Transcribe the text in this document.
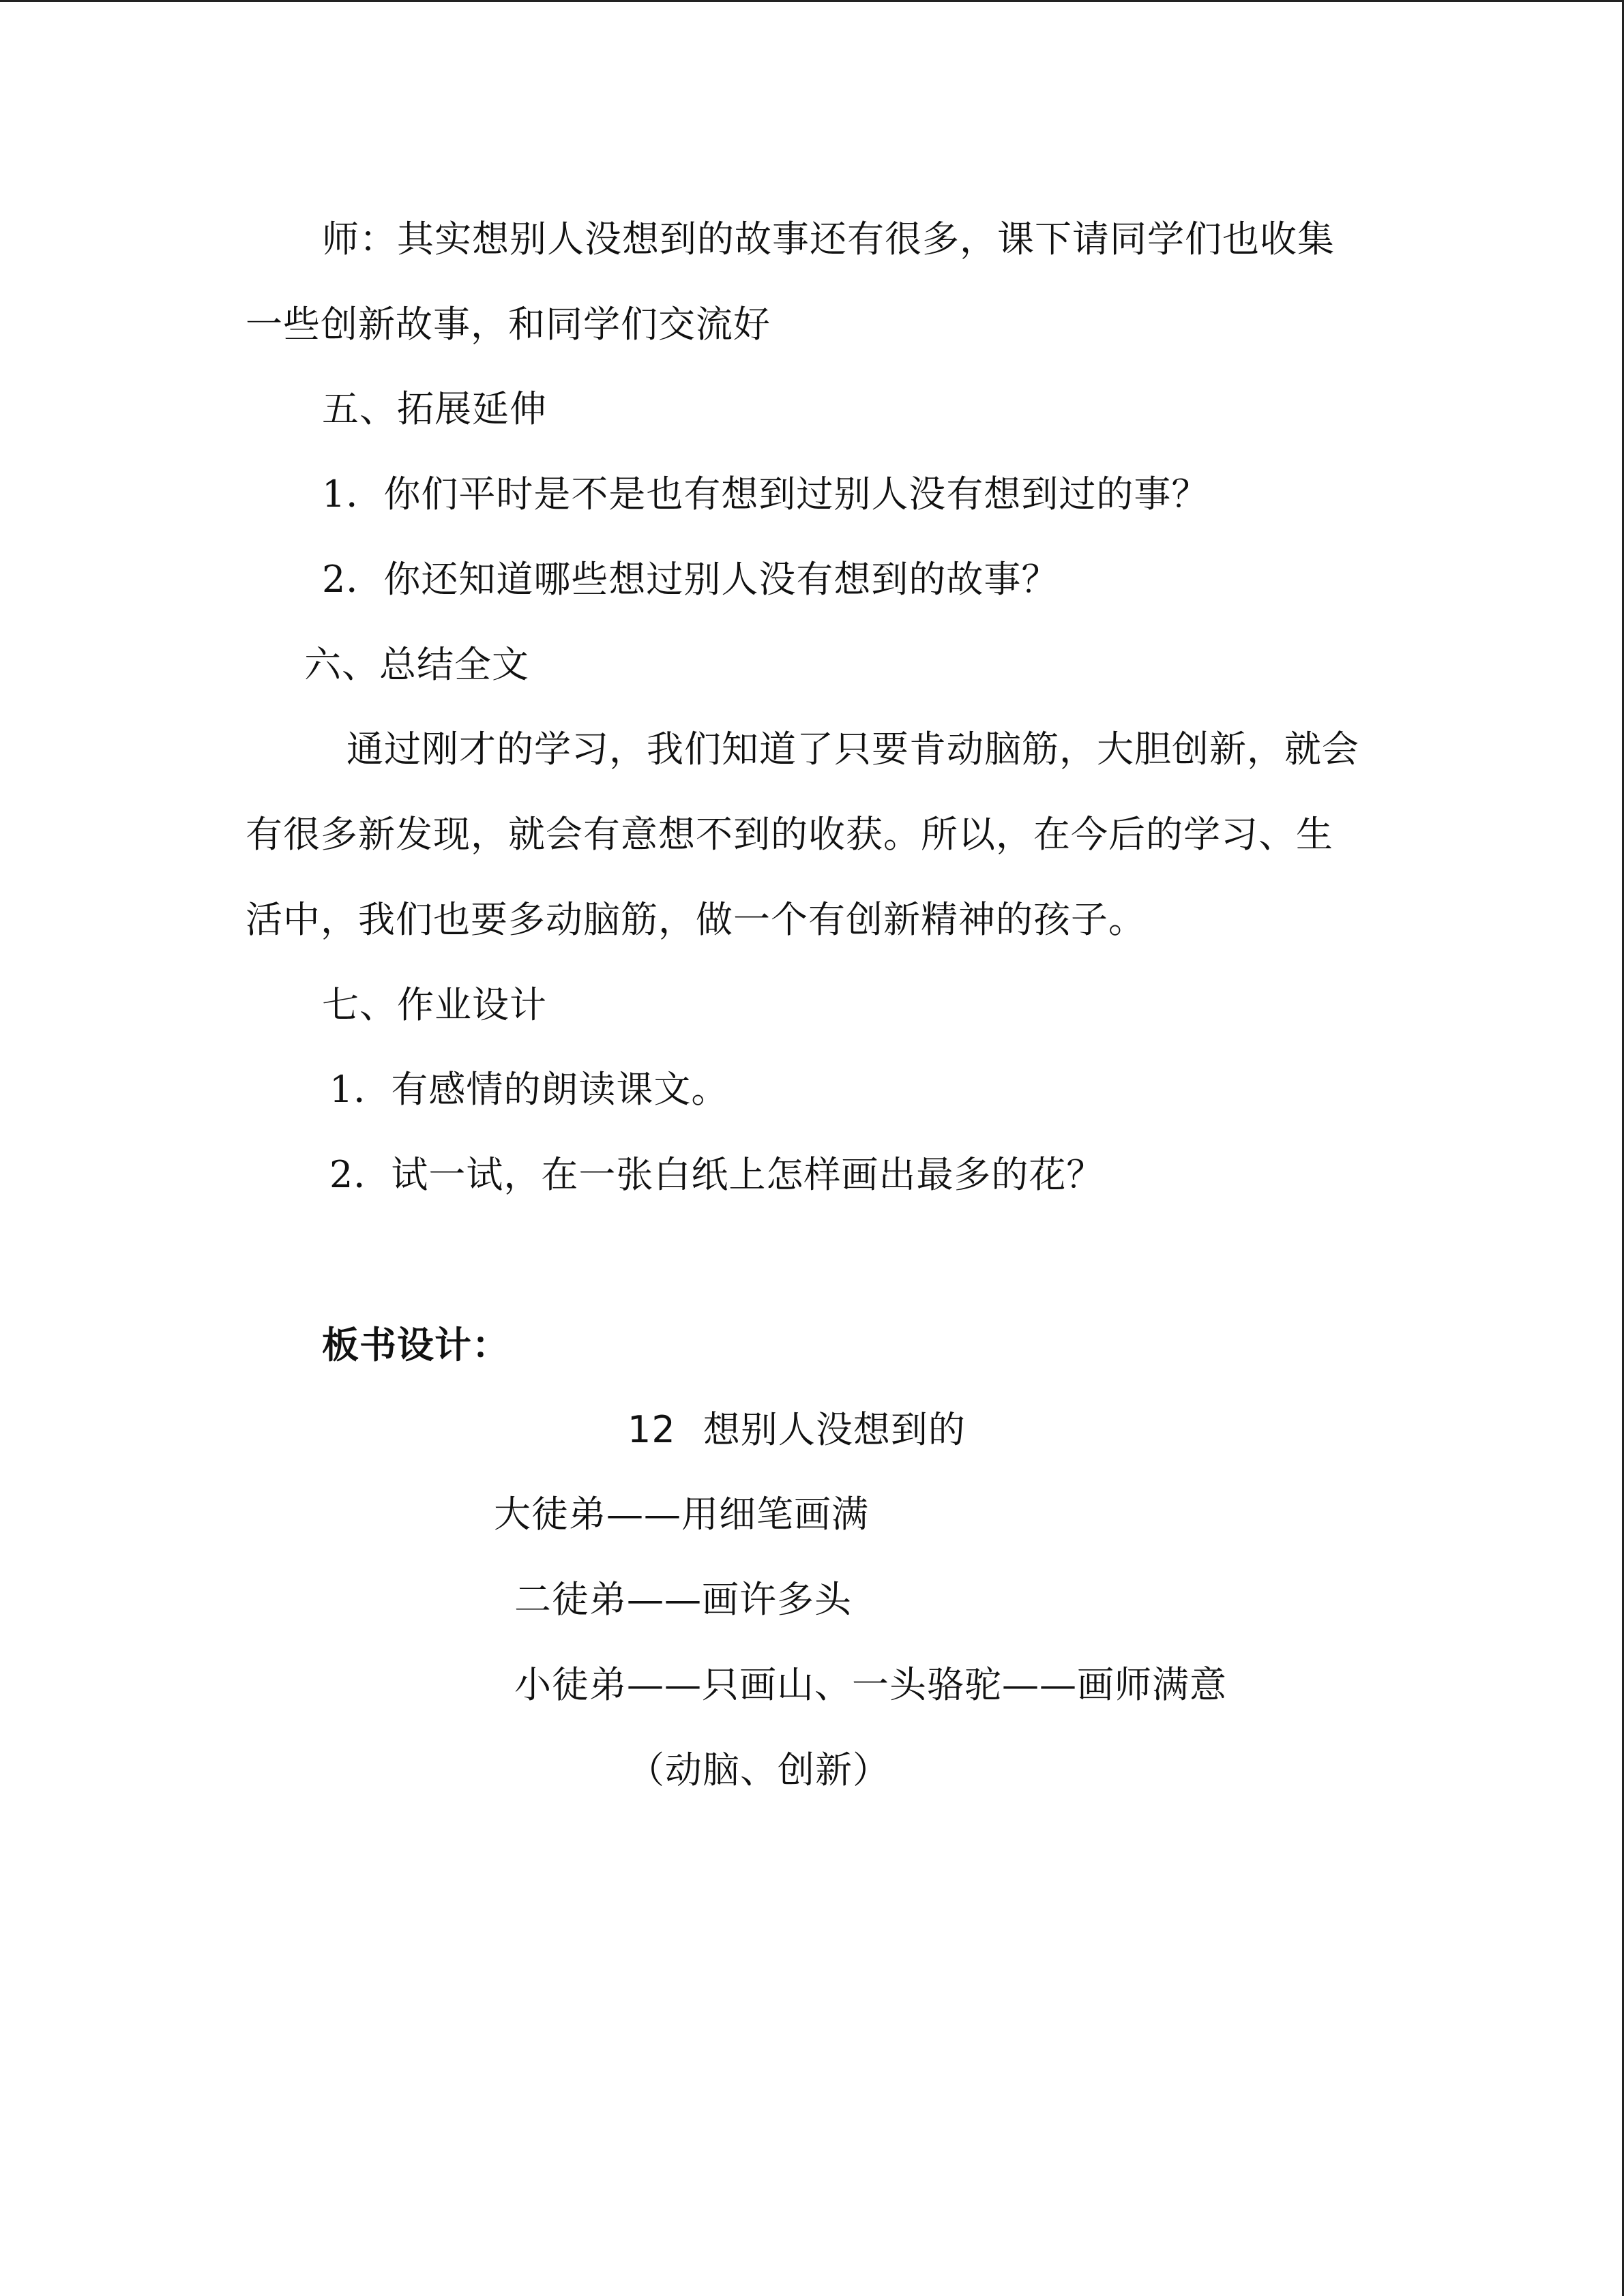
师：其实想别人没想到的故事还有很多，课下请同学们也收集
一些创新故事，和同学们交流好
五、拓展延伸
1．你们平时是不是也有想到过别人没有想到过的事？
2．你还知道哪些想过别人没有想到的故事？
六、总结全文
通过刚才的学习，我们知道了只要肯动脑筋，大胆创新，就会
有很多新发现，就会有意想不到的收获。所以，在今后的学习、生
活中，我们也要多动脑筋，做一个有创新精神的孩子。
七、作业设计
1．有感情的朗读课文。
2．试一试，在一张白纸上怎样画出最多的花？
板书设计：
12 想别人没想到的
大徒弟——用细笔画满
二徒弟——画许多头
小徒弟——只画山、一头骆驼——画师满意
（动脑、创新）
